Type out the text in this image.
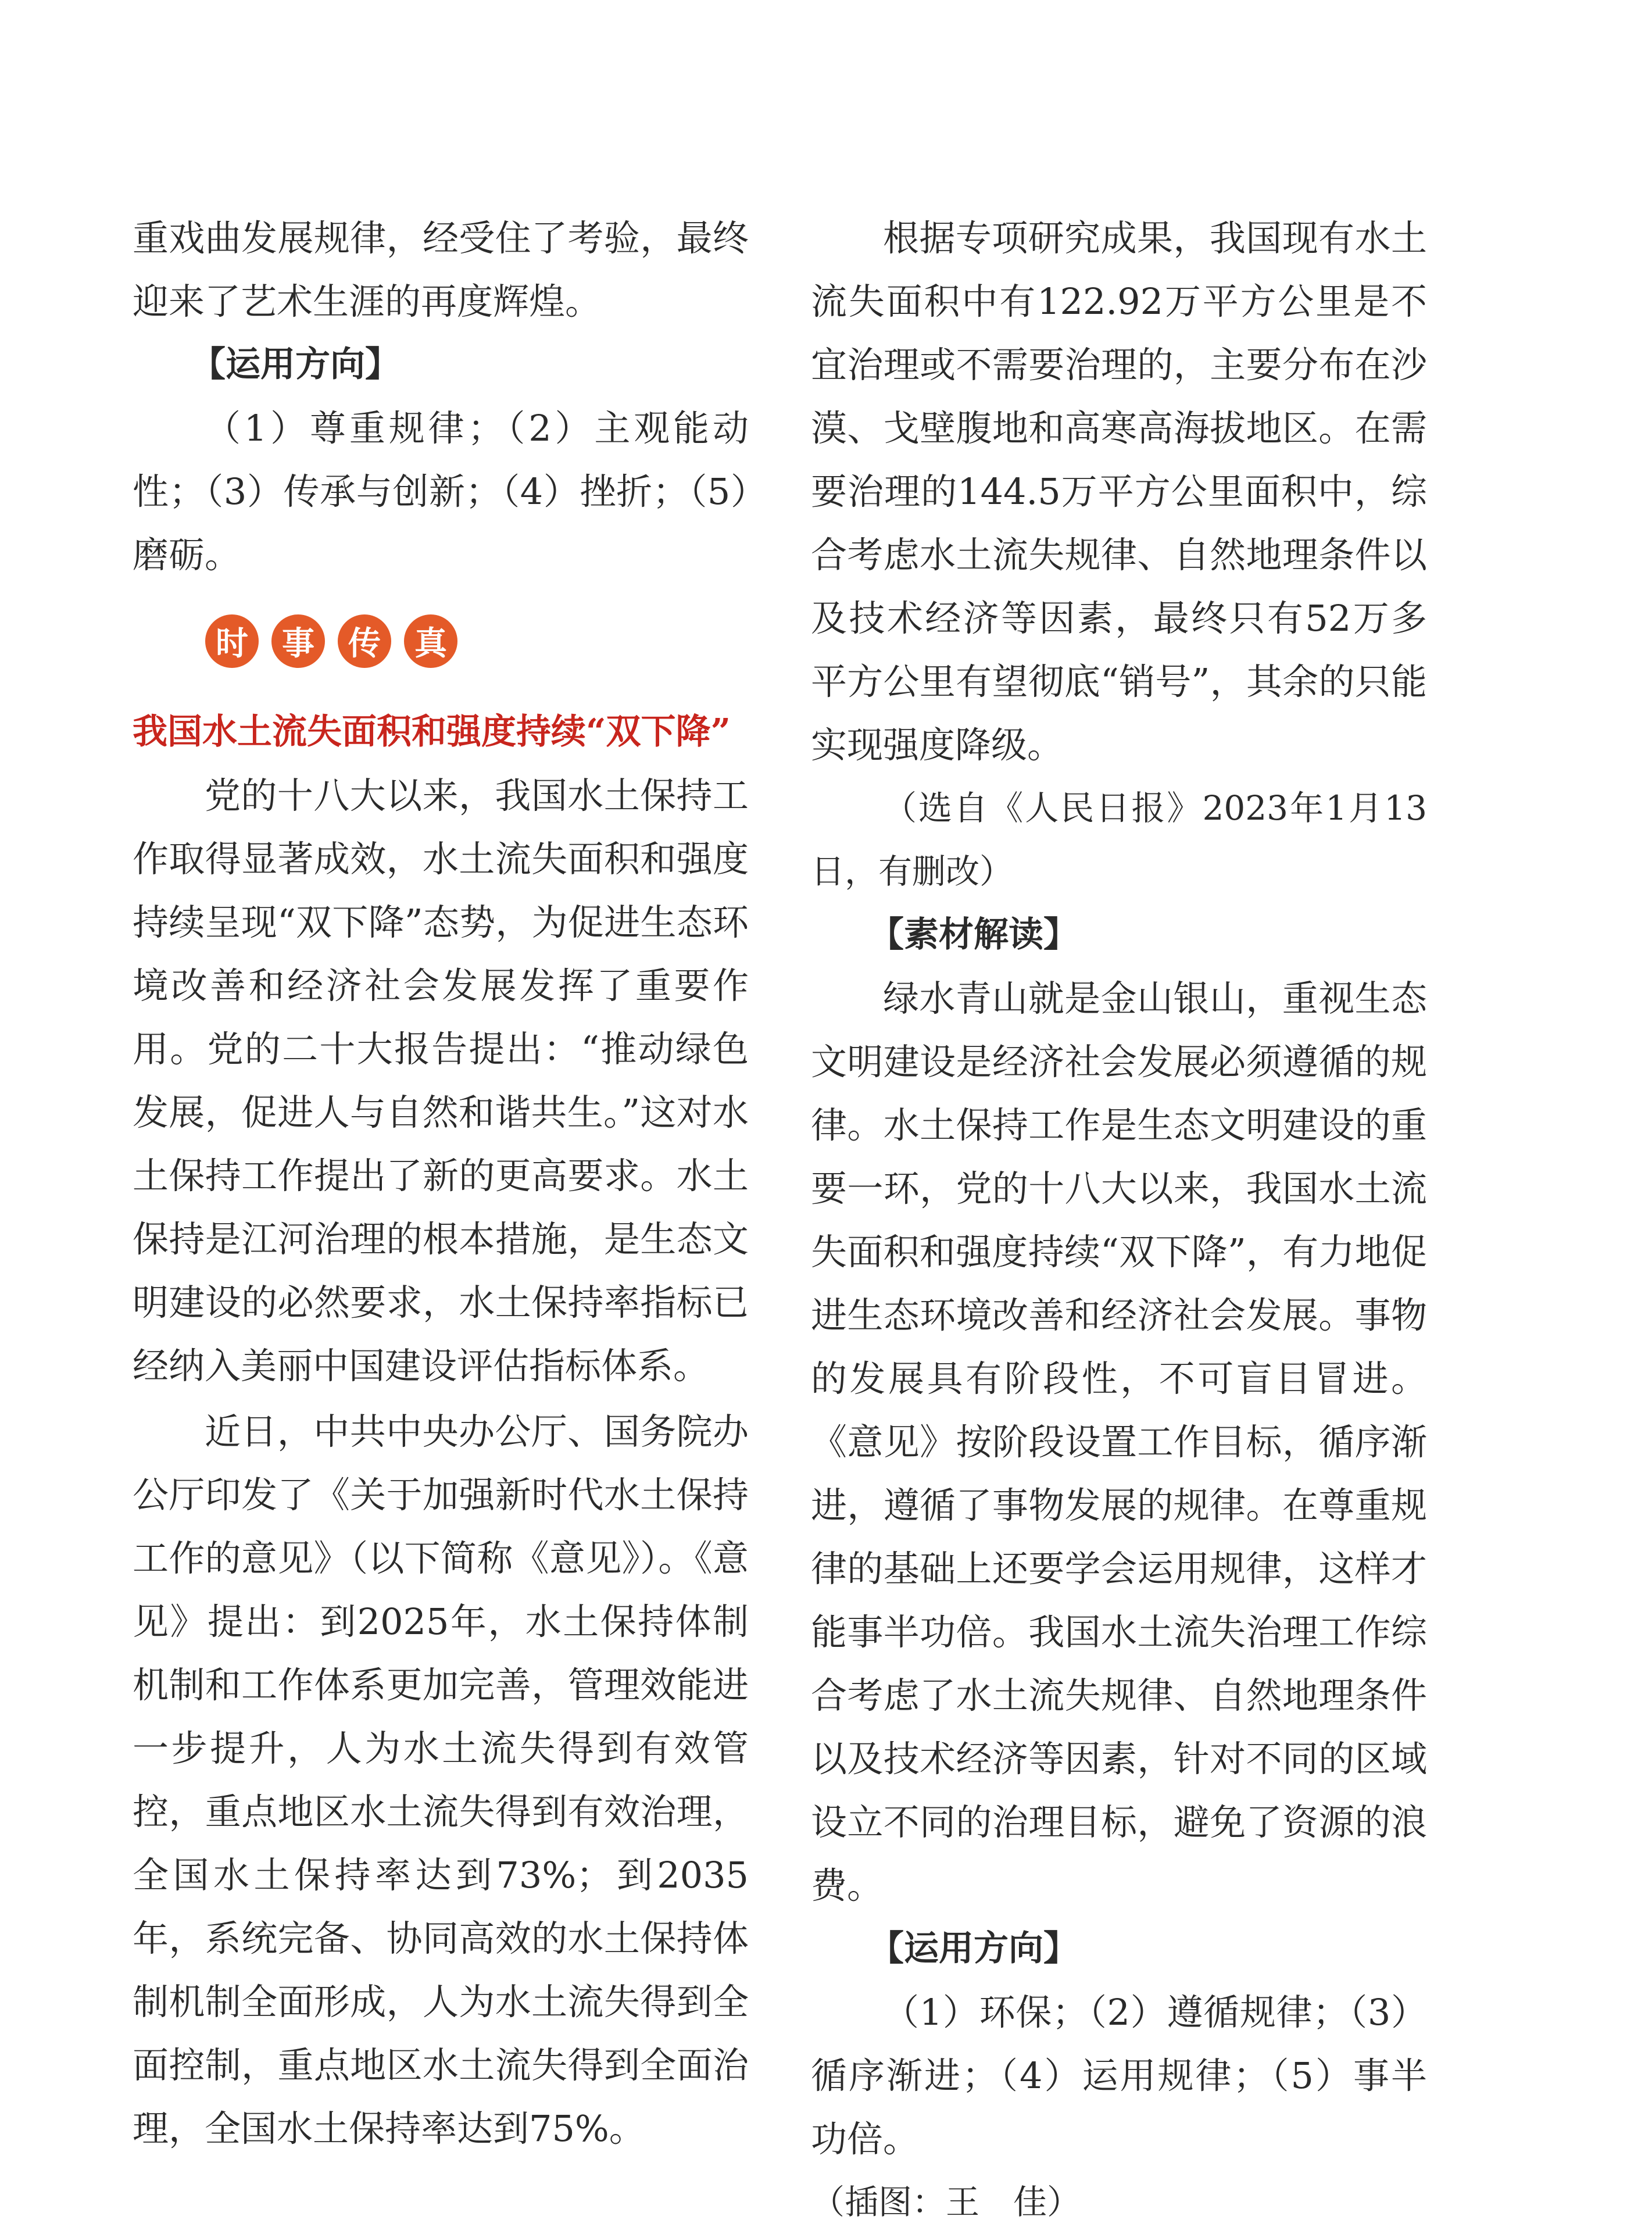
重戏曲发展规律，经受住了考验，最终迎来了艺术生涯的再度辉煌。

【运用方向】

（1）尊重规律；（2）主观能动性；（3）传承与创新；（4）挫折；（5）磨砺。

时	事	传	真

我国水土流失面积和强度持续“双下降”

党的十八大以来，我国水土保持工作取得显著成效，水土流失面积和强度持续呈现“双下降”态势，为促进生态环境改善和经济社会发展发挥了重要作用。党的二十大报告提出：“推动绿色发展，促进人与自然和谐共生。”这对水土保持工作提出了新的更高要求。水土保持是江河治理的根本措施，是生态文明建设的必然要求，水土保持率指标已经纳入美丽中国建设评估指标体系。

近日，中共中央办公厅、国务院办公厅印发了《关于加强新时代水土保持工作的意见》（以下简称《意见》）。《意见》提出：到2025年，水土保持体制机制和工作体系更加完善，管理效能进一步提升，人为水土流失得到有效管控，重点地区水土流失得到有效治理，全国水土保持率达到73%；到2035年，系统完备、协同高效的水土保持体制机制全面形成，人为水土流失得到全面控制，重点地区水土流失得到全面治理，全国水土保持率达到75%。

根据专项研究成果，我国现有水土流失面积中有122.92万平方公里是不宜治理或不需要治理的，主要分布在沙漠、戈壁腹地和高寒高海拔地区。在需要治理的144.5万平方公里面积中，综合考虑水土流失规律、自然地理条件以及技术经济等因素，最终只有52万多平方公里有望彻底“销号”，其余的只能实现强度降级。

（选自《人民日报》2023年1月13日，有删改）

【素材解读】

绿水青山就是金山银山，重视生态文明建设是经济社会发展必须遵循的规律。水土保持工作是生态文明建设的重要一环，党的十八大以来，我国水土流失面积和强度持续“双下降”，有力地促进生态环境改善和经济社会发展。事物的发展具有阶段性，不可盲目冒进。《意见》按阶段设置工作目标，循序渐进，遵循了事物发展的规律。在尊重规律的基础上还要学会运用规律，这样才能事半功倍。我国水土流失治理工作综合考虑了水土流失规律、自然地理条件以及技术经济等因素，针对不同的区域设立不同的治理目标，避免了资源的浪费。

【运用方向】

（1）环保；（2）遵循规律；（3）循序渐进；（4）运用规律；（5）事半功倍。

（插图：王　佳）
